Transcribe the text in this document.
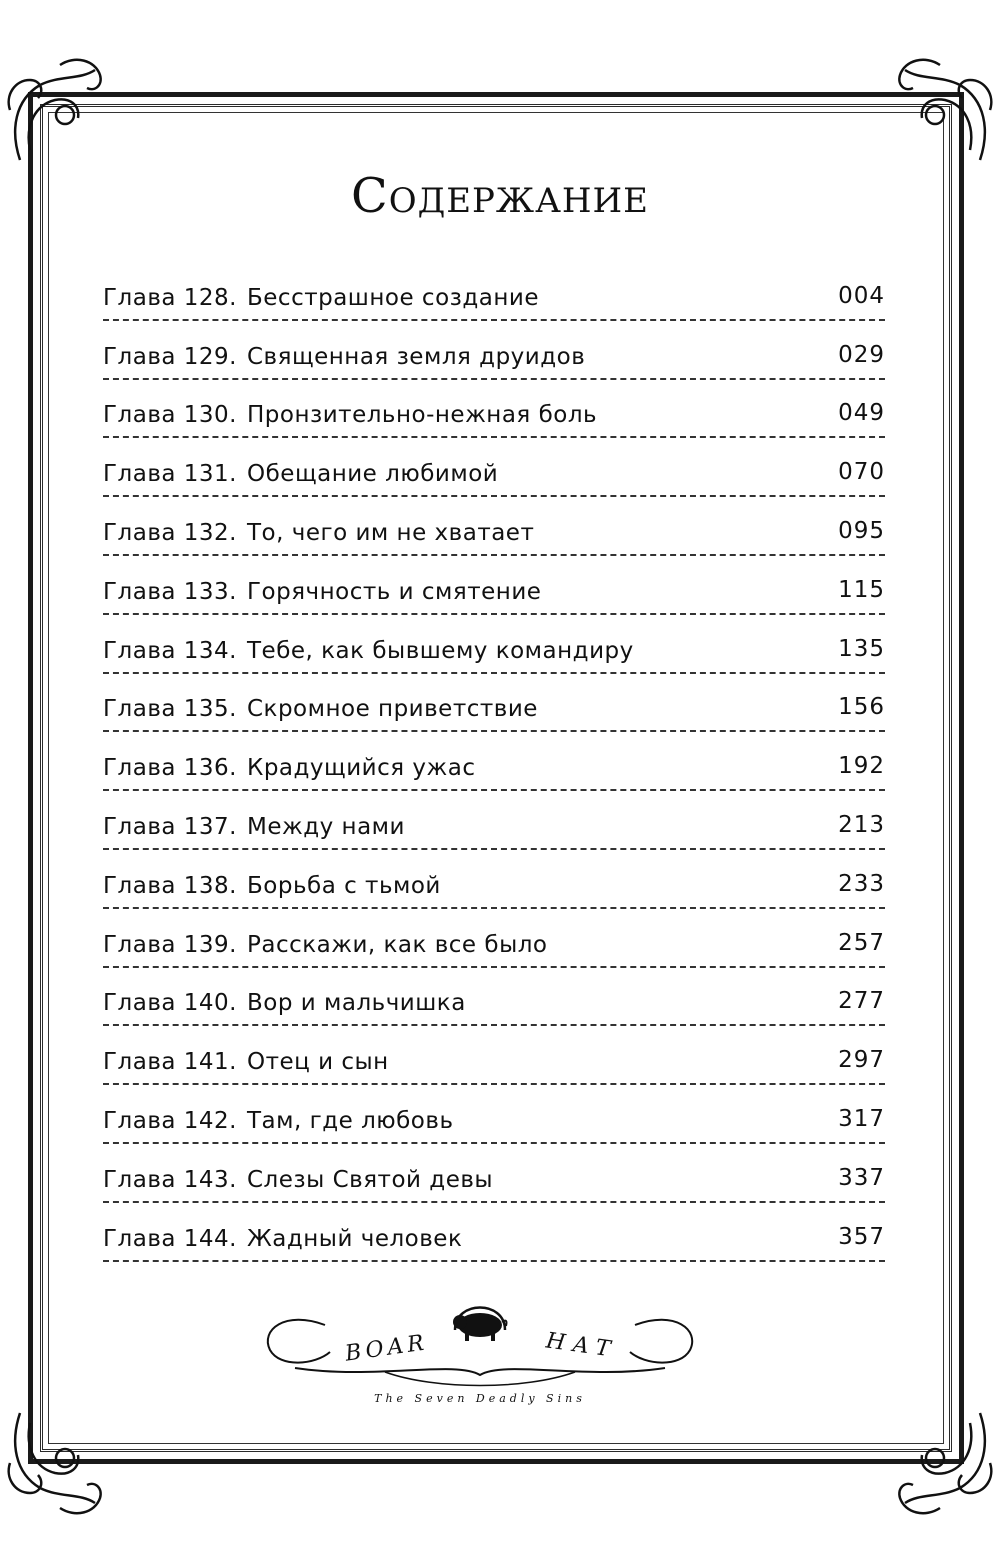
Содержание
Глава 128. Бесстрашное создание	004
Глава 129. Священная земля друидов	029
Глава 130. Пронзительно-нежная боль	049
Глава 131. Обещание любимой	070
Глава 132. То, чего им не хватает	095
Глава 133. Горячность и смятение	115
Глава 134. Тебе, как бывшему командиру	135
Глава 135. Скромное приветствие	156
Глава 136. Крадущийся ужас	192
Глава 137. Между нами	213
Глава 138. Борьба с тьмой	233
Глава 139. Расскажи, как все было	257
Глава 140. Вор и мальчишка	277
Глава 141. Отец и сын	297
Глава 142. Там, где любовь	317
Глава 143. Слезы Святой девы	337
Глава 144. Жадный человек	357
BOAR	HAT
The Seven Deadly Sins
